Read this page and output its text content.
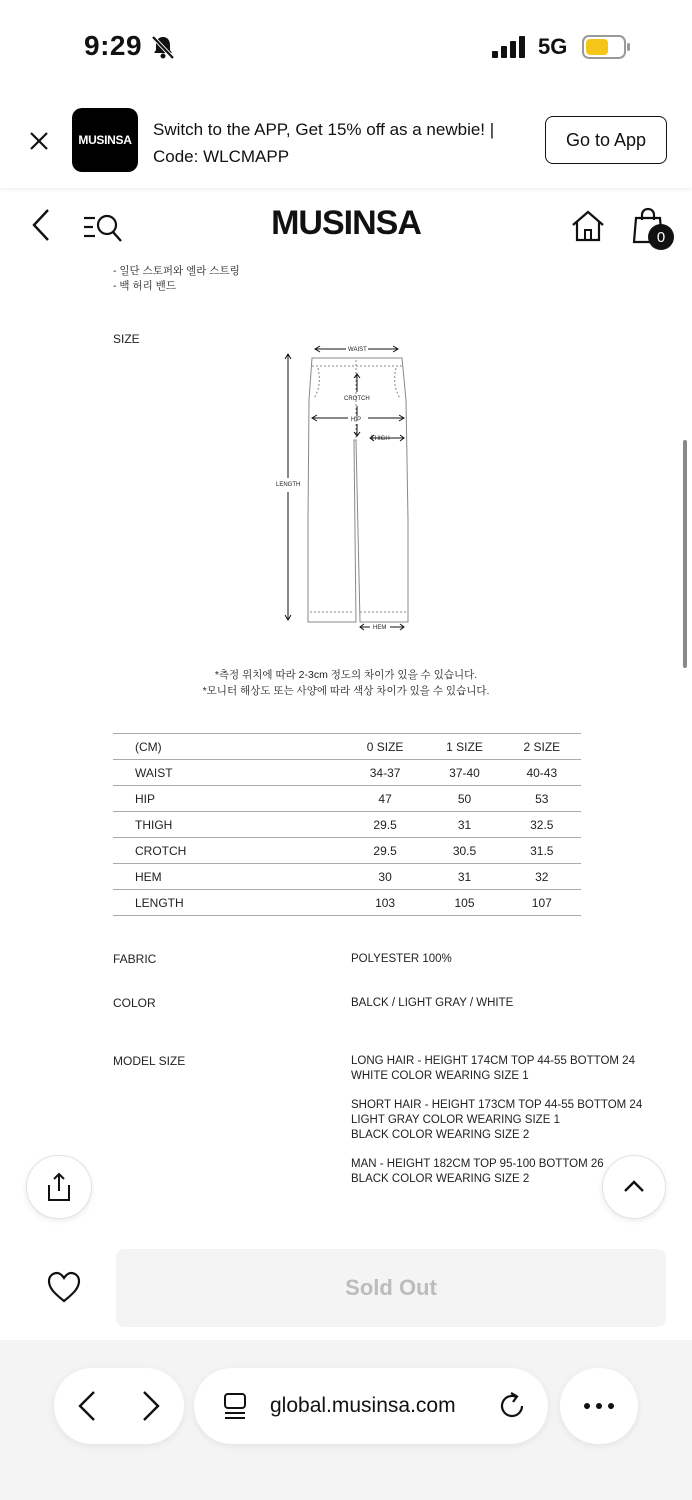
9:29	5G
MUSINSA
Switch to the APP, Get 15% off as a newbie! | Code: WLCMAPP
Go to App
MUSINSA	0
- 일단 스토퍼와 엘라 스트링
- 백 허리 밴드
SIZE
WAIST
CROTCH
HIP
THIGH
LENGTH
HEM
*측정 위치에 따라 2-3cm 정도의 차이가 있을 수 있습니다.
*모니터 해상도 또는 사양에 따라 색상 차이가 있을 수 있습니다.
(CM)	0 SIZE	1 SIZE	2 SIZE
WAIST	34-37	37-40	40-43
HIP	47	50	53
THIGH	29.5	31	32.5
CROTCH	29.5	30.5	31.5
HEM	30	31	32
LENGTH	103	105	107
FABRIC	POLYESTER 100%
COLOR	BALCK / LIGHT GRAY / WHITE
MODEL SIZE	LONG HAIR - HEIGHT 174CM TOP 44-55 BOTTOM 24
WHITE COLOR WEARING SIZE 1
SHORT HAIR - HEIGHT 173CM TOP 44-55 BOTTOM 24
LIGHT GRAY COLOR WEARING SIZE 1
BLACK COLOR WEARING SIZE 2
MAN - HEIGHT 182CM TOP 95-100 BOTTOM 26
BLACK COLOR WEARING SIZE 2
Sold Out
global.musinsa.com
